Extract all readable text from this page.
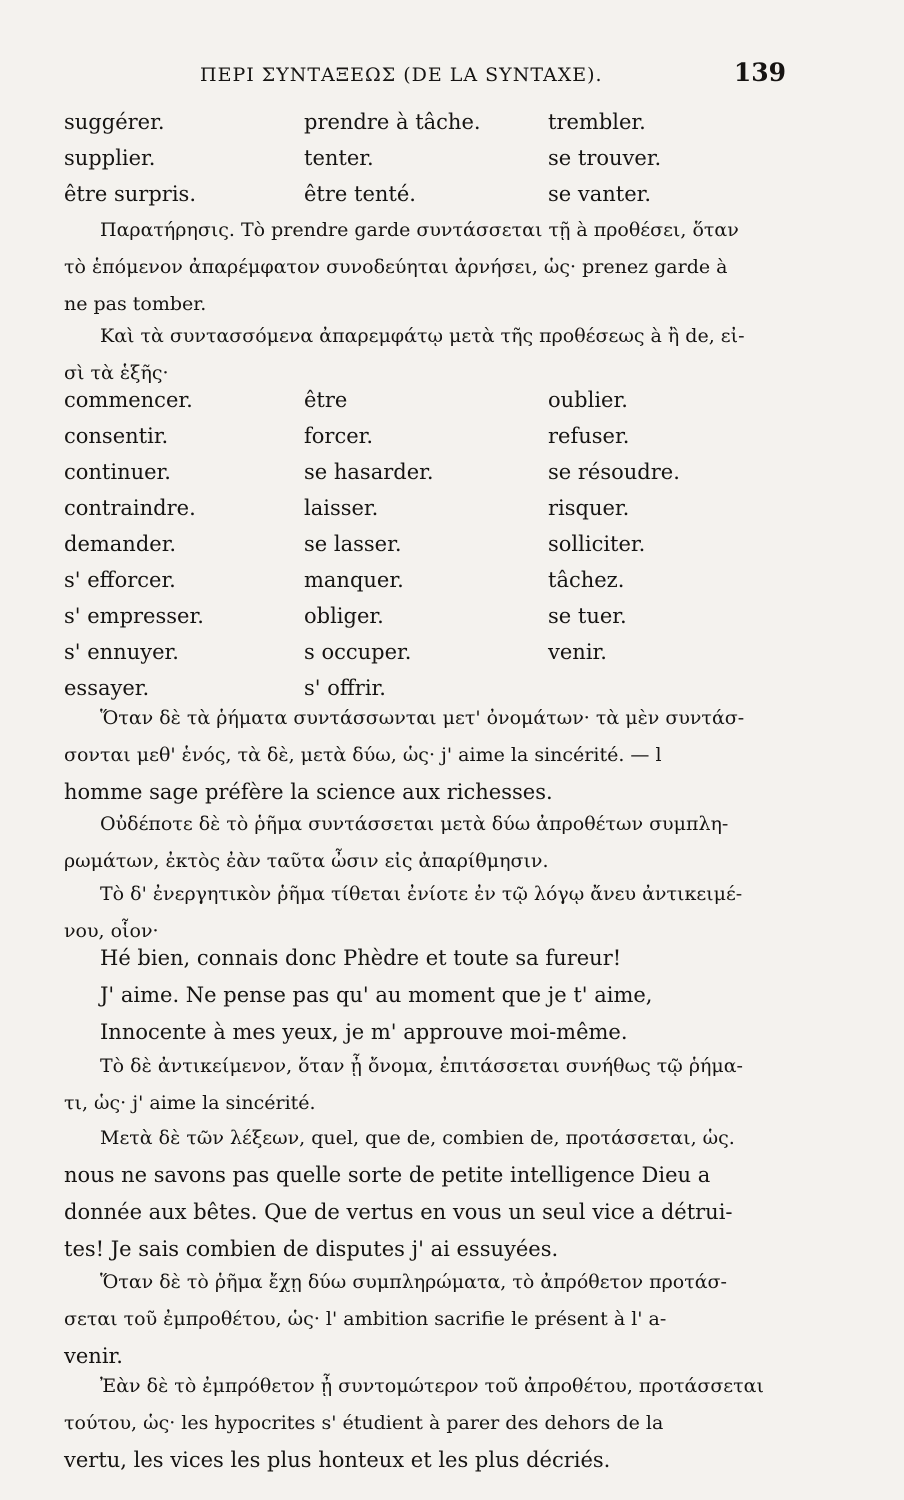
ΠΕΡΙ ΣΥΝΤΑΞΕΩΣ (DE LA SYNTAXE).	139
suggérer.	prendre à tâche.	trembler.
supplier.	tenter.	se trouver.
être surpris.	être tenté.	se vanter.
Παρατήρησις. Τὸ prendre garde συντάσσεται τῇ à προθέσει, ὅταν
τὸ ἑπόμενον ἀπαρέμφατον συνοδεύηται ἀρνήσει, ὡς· prenez garde à
ne pas tomber.
Καὶ τὰ συντασσόμενα ἀπαρεμφάτῳ μετὰ τῆς προθέσεως à ἢ de, εἰ-
σὶ τὰ ἑξῆς·
commencer.	être	oublier.
consentir.	forcer.	refuser.
continuer.	se hasarder.	se résoudre.
contraindre.	laisser.	risquer.
demander.	se lasser.	solliciter.
s' efforcer.	manquer.	tâchez.
s' empresser.	obliger.	se tuer.
s' ennuyer.	s occuper.	venir.
essayer.	s' offrir.
Ὅταν δὲ τὰ ῥήματα συντάσσωνται μετ' ὀνομάτων· τὰ μὲν συντάσ-
σονται μεθ' ἑνός, τὰ δὲ, μετὰ δύω, ὡς· j' aime la sincérité. — l
homme sage préfère la science aux richesses.
Οὐδέποτε δὲ τὸ ῥῆμα συντάσσεται μετὰ δύω ἀπροθέτων συμπλη-
ρωμάτων, ἐκτὸς ἐὰν ταῦτα ὦσιν εἰς ἀπαρίθμησιν.
Τὸ δ' ἐνεργητικὸν ῥῆμα τίθεται ἐνίοτε ἐν τῷ λόγῳ ἄνευ ἀντικειμέ-
νου, οἷον·
Hé bien, connais donc Phèdre et toute sa fureur!
J' aime. Ne pense pas qu' au moment que je t' aime,
Innocente à mes yeux, je m' approuve moi-même.
Τὸ δὲ ἀντικείμενον, ὅταν ᾖ ὄνομα, ἐπιτάσσεται συνήθως τῷ ῥήμα-
τι, ὡς· j' aime la sincérité.
Μετὰ δὲ τῶν λέξεων, quel, que de, combien de, προτάσσεται, ὡς.
nous ne savons pas quelle sorte de petite intelligence Dieu a
donnée aux bêtes. Que de vertus en vous un seul vice a détrui-
tes! Je sais combien de disputes j' ai essuyées.
Ὅταν δὲ τὸ ῥῆμα ἔχῃ δύω συμπληρώματα, τὸ ἀπρόθετον προτάσ-
σεται τοῦ ἐμπροθέτου, ὡς· l' ambition sacrifie le présent à l' a-
venir.
Ἐὰν δὲ τὸ ἐμπρόθετον ᾖ συντομώτερον τοῦ ἀπροθέτου, προτάσσεται
τούτου, ὡς· les hypocrites s' étudient à parer des dehors de la
vertu, les vices les plus honteux et les plus décriés.
